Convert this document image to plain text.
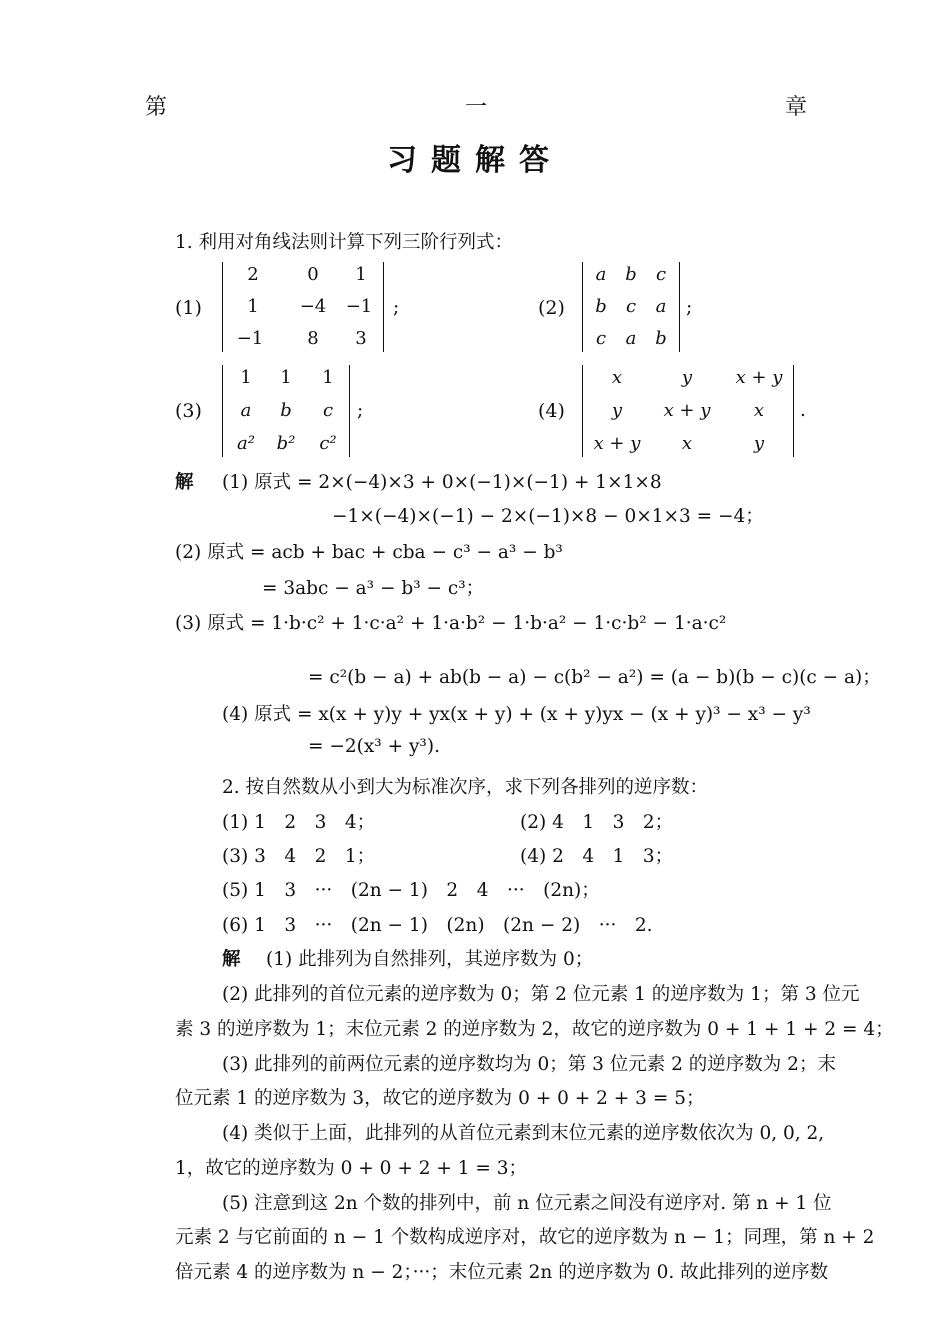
第	一	章
习题解答
1. 利用对角线法则计算下列三阶行列式：
(1)
2	0	1
1	−4	−1
−1	8	3
;	(2)
a	b	c
b	c	a
c	a	b
;
(3)
1	1	1
a	b	c
a²	b²	c²
;	(4)
x	y	x + y
y	x + y	x
x + y	x	y
.
解 (1) 原式 = 2×(−4)×3 + 0×(−1)×(−1) + 1×1×8
−1×(−4)×(−1) − 2×(−1)×8 − 0×1×3 = −4；
(2) 原式 = acb + bac + cba − c³ − a³ − b³
= 3abc − a³ − b³ − c³；
(3) 原式 = 1·b·c² + 1·c·a² + 1·a·b² − 1·b·a² − 1·c·b² − 1·a·c²
= c²(b − a) + ab(b − a) − c(b² − a²) = (a − b)(b − c)(c − a)；
(4) 原式 = x(x + y)y + yx(x + y) + (x + y)yx − (x + y)³ − x³ − y³
= −2(x³ + y³).
2. 按自然数从小到大为标准次序，求下列各排列的逆序数：
(1) 1　2　3　4；	(2) 4　1　3　2；
(3) 3　4　2　1；	(4) 2　4　1　3；
(5) 1　3　···　(2n − 1)　2　4　···　(2n)；
(6) 1　3　···　(2n − 1)　(2n)　(2n − 2)　···　2.
解 (1) 此排列为自然排列，其逆序数为 0；
(2) 此排列的首位元素的逆序数为 0；第 2 位元素 1 的逆序数为 1；第 3 位元
素 3 的逆序数为 1；末位元素 2 的逆序数为 2，故它的逆序数为 0 + 1 + 1 + 2 = 4；
(3) 此排列的前两位元素的逆序数均为 0；第 3 位元素 2 的逆序数为 2；末
位元素 1 的逆序数为 3，故它的逆序数为 0 + 0 + 2 + 3 = 5；
(4) 类似于上面，此排列的从首位元素到末位元素的逆序数依次为 0, 0, 2,
1，故它的逆序数为 0 + 0 + 2 + 1 = 3；
(5) 注意到这 2n 个数的排列中，前 n 位元素之间没有逆序对. 第 n + 1 位
元素 2 与它前面的 n − 1 个数构成逆序对，故它的逆序数为 n − 1；同理，第 n + 2
倍元素 4 的逆序数为 n − 2；···；末位元素 2n 的逆序数为 0. 故此排列的逆序数
